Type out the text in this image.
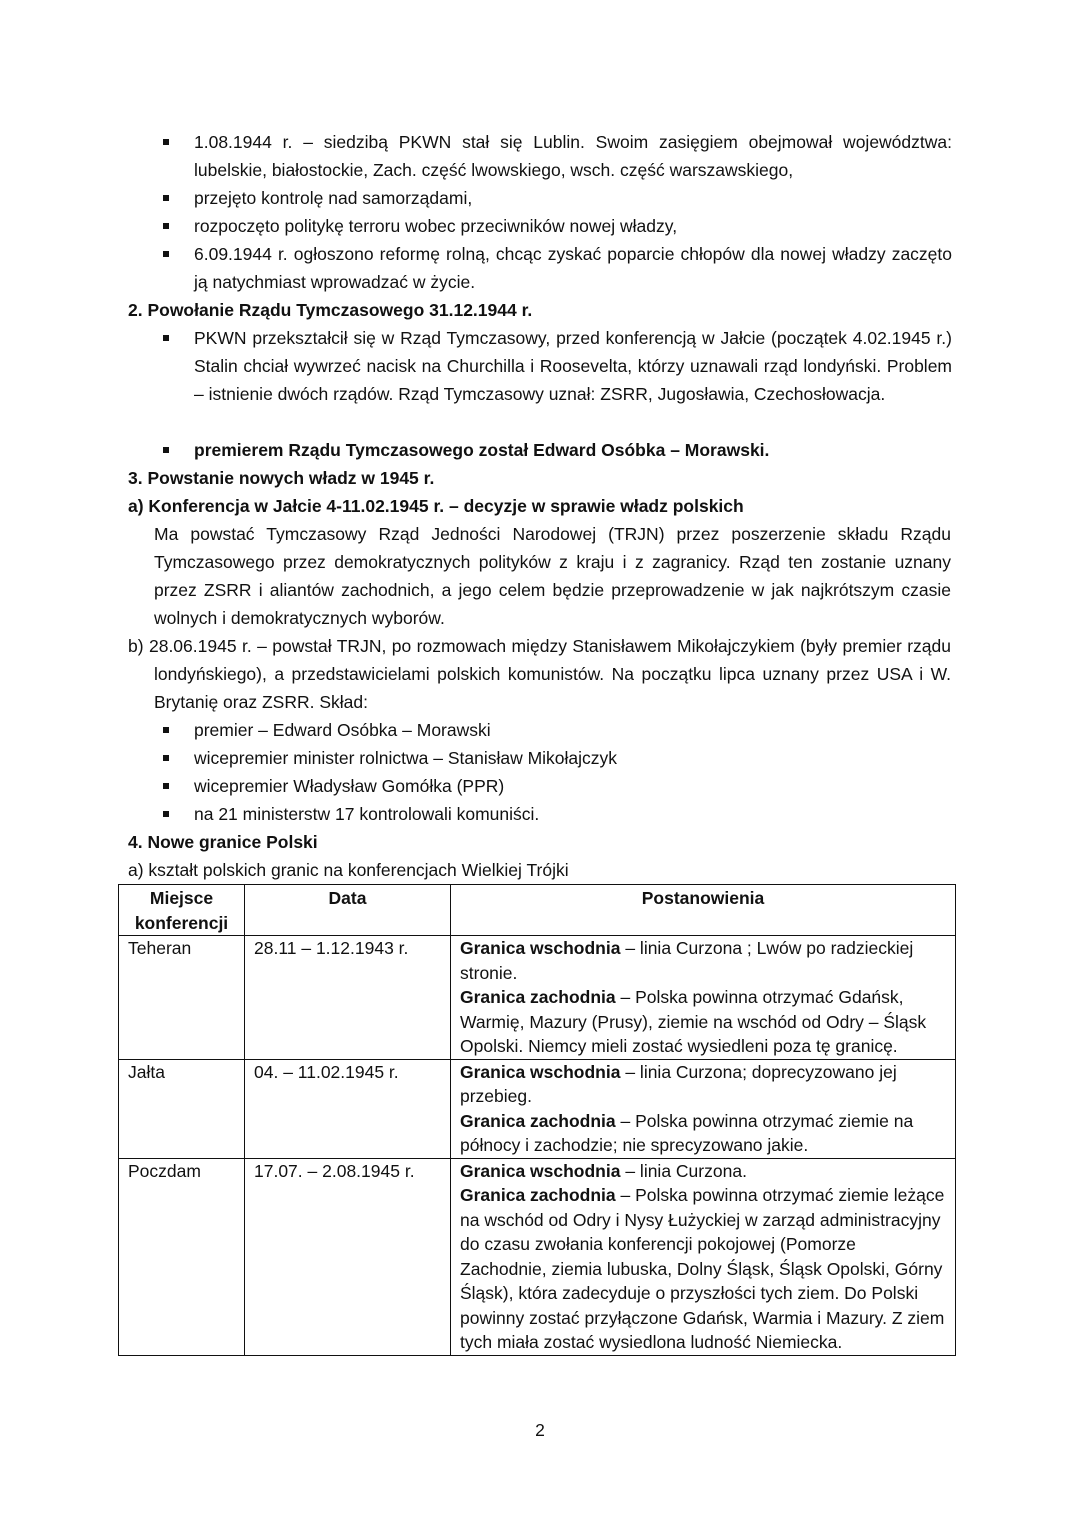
1.08.1944 r. – siedzibą PKWN stał się Lublin. Swoim zasięgiem obejmował województwa: lubelskie, białostockie, Zach. część lwowskiego, wsch. część warszawskiego,
przejęto kontrolę nad samorządami,
rozpoczęto politykę terroru wobec przeciwników nowej władzy,
6.09.1944 r. ogłoszono reformę rolną, chcąc zyskać poparcie chłopów dla nowej władzy zaczęto ją natychmiast wprowadzać w życie.
2. Powołanie Rządu Tymczasowego 31.12.1944 r.
PKWN przekształcił się w Rząd Tymczasowy, przed konferencją w Jałcie (początek 4.02.1945 r.) Stalin chciał wywrzeć nacisk na Churchilla i Roosevelta, którzy uznawali rząd londyński. Problem – istnienie dwóch rządów. Rząd Tymczasowy uznał: ZSRR, Jugosławia, Czechosłowacja.
premierem Rządu Tymczasowego został Edward Osóbka – Morawski.
3. Powstanie nowych władz w 1945 r.
a) Konferencja w Jałcie 4-11.02.1945 r. – decyzje w sprawie władz polskich
Ma powstać Tymczasowy Rząd Jedności Narodowej (TRJN) przez poszerzenie składu Rządu Tymczasowego przez demokratycznych polityków z kraju i z zagranicy. Rząd ten zostanie uznany przez ZSRR i aliantów zachodnich, a jego celem będzie przeprowadzenie w jak najkrótszym czasie wolnych i demokratycznych wyborów.
b) 28.06.1945 r. – powstał TRJN, po rozmowach między Stanisławem Mikołajczykiem (były premier rządu londyńskiego), a przedstawicielami polskich komunistów. Na początku lipca uznany przez USA i W. Brytanię oraz ZSRR. Skład:
premier – Edward Osóbka – Morawski
wicepremier minister rolnictwa – Stanisław Mikołajczyk
wicepremier Władysław Gomółka (PPR)
na 21 ministerstw 17 kontrolowali komuniści.
4. Nowe granice Polski
a) kształt polskich granic na konferencjach Wielkiej Trójki
Miejsce konferencji	Data	Postanowienia
Teheran	28.11 – 1.12.1943 r.	Granica wschodnia – linia Curzona ; Lwów po radzieckiej stronie.
Granica zachodnia – Polska powinna otrzymać Gdańsk, Warmię, Mazury (Prusy), ziemie na wschód od Odry – Śląsk Opolski. Niemcy mieli zostać wysiedleni poza tę granicę.
Jałta	04. – 11.02.1945 r.	Granica wschodnia – linia Curzona; doprecyzowano jej przebieg.
Granica zachodnia – Polska powinna otrzymać ziemie na północy i zachodzie; nie sprecyzowano jakie.
Poczdam	17.07. – 2.08.1945 r.	Granica wschodnia – linia Curzona.
Granica zachodnia – Polska powinna otrzymać ziemie leżące na wschód od Odry i Nysy Łużyckiej w zarząd administracyjny do czasu zwołania konferencji pokojowej (Pomorze Zachodnie, ziemia lubuska, Dolny Śląsk, Śląsk Opolski, Górny Śląsk), która zadecyduje o przyszłości tych ziem. Do Polski powinny zostać przyłączone Gdańsk, Warmia i Mazury. Z ziem tych miała zostać wysiedlona ludność Niemiecka.
2
